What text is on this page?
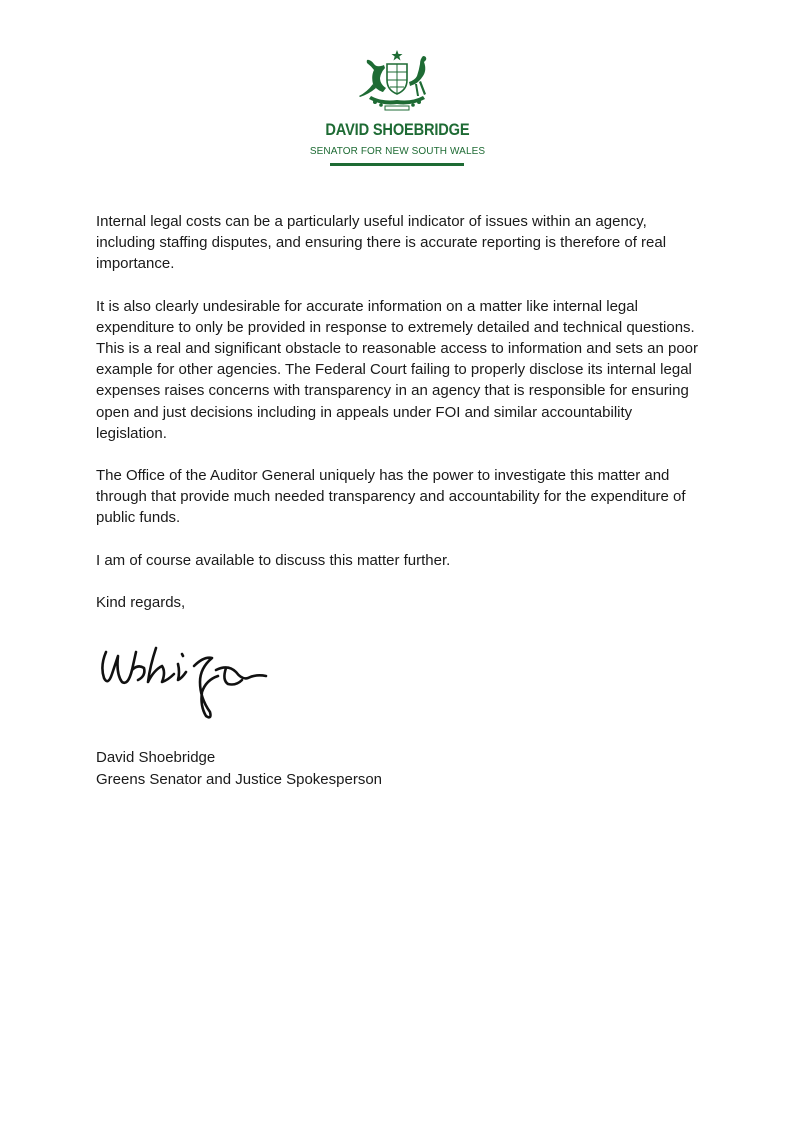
DAVID SHOEBRIDGE
SENATOR FOR NEW SOUTH WALES

Internal legal costs can be a particularly useful indicator of issues within an agency, including staffing disputes, and ensuring there is accurate reporting is therefore of real importance.

It is also clearly undesirable for accurate information on a matter like internal legal expenditure to only be provided in response to extremely detailed and technical questions. This is a real and significant obstacle to reasonable access to information and sets an poor example for other agencies. The Federal Court failing to properly disclose its internal legal expenses raises concerns with transparency in an agency that is responsible for ensuring open and just decisions including in appeals under FOI and similar accountability legislation.

The Office of the Auditor General uniquely has the power to investigate this matter and through that provide much needed transparency and accountability for the expenditure of public funds.

I am of course available to discuss this matter further.

Kind regards,

David Shoebridge
Greens Senator and Justice Spokesperson
